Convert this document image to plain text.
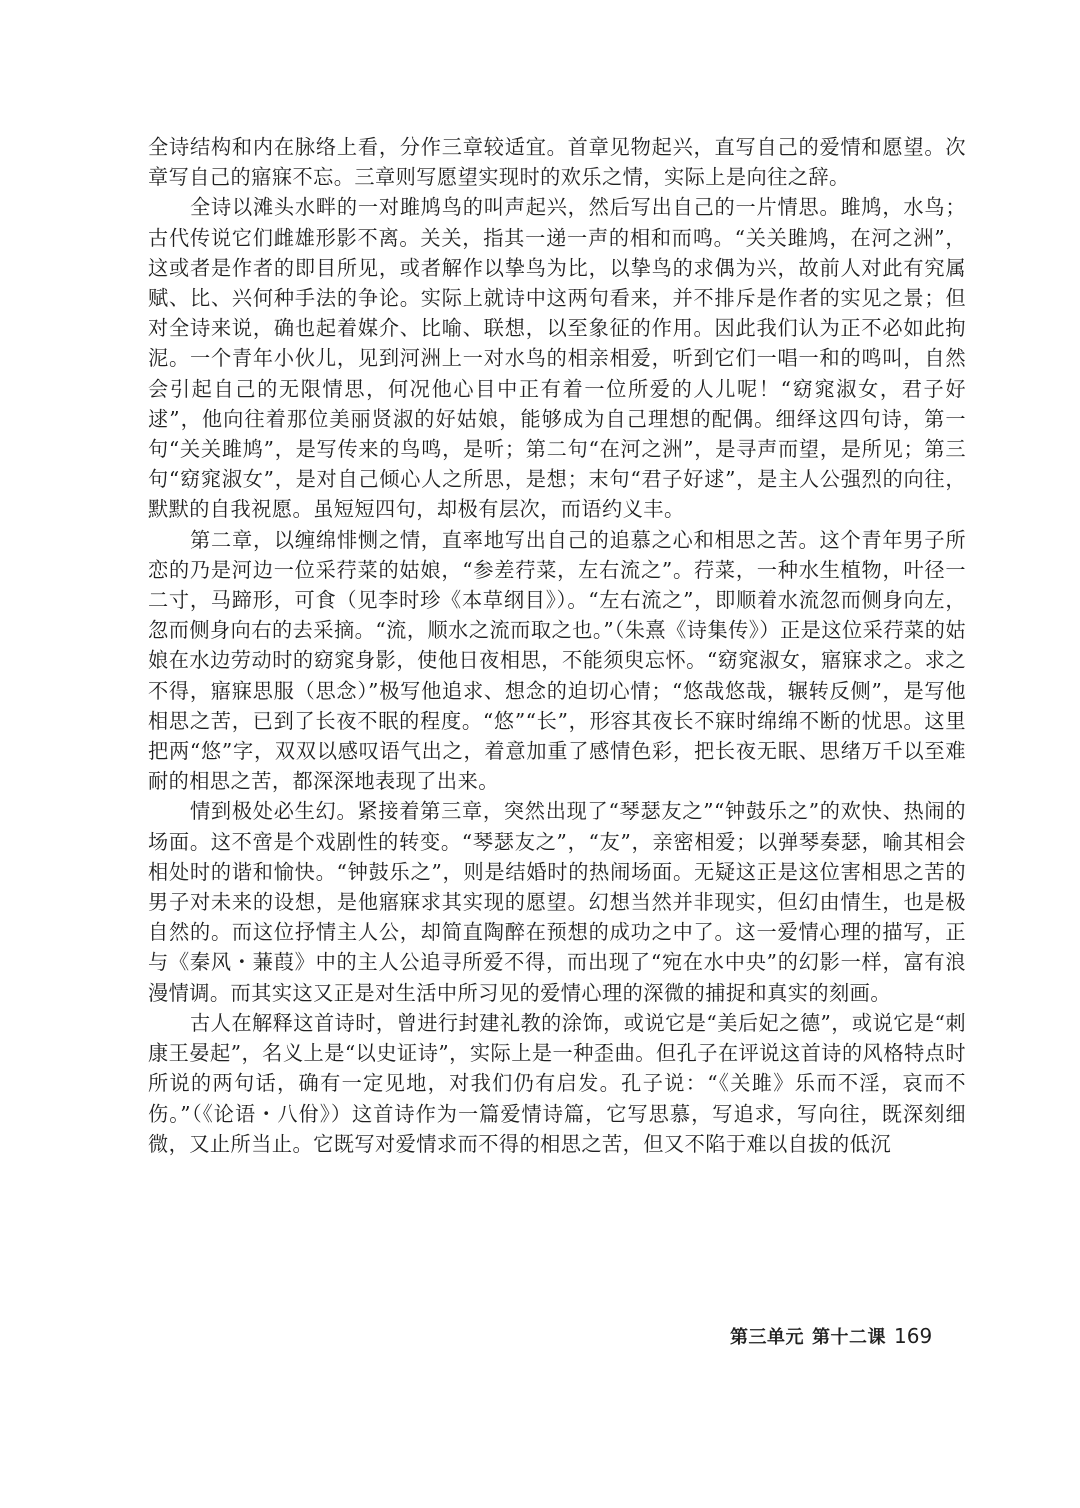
全诗结构和内在脉络上看，分作三章较适宜。首章见物起兴，直写自己的爱情和愿望。次章写自己的寤寐不忘。三章则写愿望实现时的欢乐之情，实际上是向往之辞。

全诗以滩头水畔的一对雎鸠鸟的叫声起兴，然后写出自己的一片情思。雎鸠，水鸟；古代传说它们雌雄形影不离。关关，指其一递一声的相和而鸣。“关关雎鸠，在河之洲”，这或者是作者的即目所见，或者解作以挚鸟为比，以挚鸟的求偶为兴，故前人对此有究属赋、比、兴何种手法的争论。实际上就诗中这两句看来，并不排斥是作者的实见之景；但对全诗来说，确也起着媒介、比喻、联想，以至象征的作用。因此我们认为正不必如此拘泥。一个青年小伙儿，见到河洲上一对水鸟的相亲相爱，听到它们一唱一和的鸣叫，自然会引起自己的无限情思，何况他心目中正有着一位所爱的人儿呢！“窈窕淑女，君子好逑”，他向往着那位美丽贤淑的好姑娘，能够成为自己理想的配偶。细绎这四句诗，第一句“关关雎鸠”，是写传来的鸟鸣，是听；第二句“在河之洲”，是寻声而望，是所见；第三句“窈窕淑女”，是对自己倾心人之所思，是想；末句“君子好逑”，是主人公强烈的向往，默默的自我祝愿。虽短短四句，却极有层次，而语约义丰。

第二章，以缠绵悱恻之情，直率地写出自己的追慕之心和相思之苦。这个青年男子所恋的乃是河边一位采荇菜的姑娘，“参差荇菜，左右流之”。荇菜，一种水生植物，叶径一二寸，马蹄形，可食（见李时珍《本草纲目》）。“左右流之”，即顺着水流忽而侧身向左，忽而侧身向右的去采摘。“流，顺水之流而取之也。”（朱熹《诗集传》）正是这位采荇菜的姑娘在水边劳动时的窈窕身影，使他日夜相思，不能须臾忘怀。“窈窕淑女，寤寐求之。求之不得，寤寐思服（思念）”极写他追求、想念的迫切心情；“悠哉悠哉，辗转反侧”，是写他相思之苦，已到了长夜不眠的程度。“悠”“长”，形容其夜长不寐时绵绵不断的忧思。这里把两“悠”字，双双以感叹语气出之，着意加重了感情色彩，把长夜无眠、思绪万千以至难耐的相思之苦，都深深地表现了出来。

情到极处必生幻。紧接着第三章，突然出现了“琴瑟友之”“钟鼓乐之”的欢快、热闹的场面。这不啻是个戏剧性的转变。“琴瑟友之”，“友”，亲密相爱；以弹琴奏瑟，喻其相会相处时的谐和愉快。“钟鼓乐之”，则是结婚时的热闹场面。无疑这正是这位害相思之苦的男子对未来的设想，是他寤寐求其实现的愿望。幻想当然并非现实，但幻由情生，也是极自然的。而这位抒情主人公，却简直陶醉在预想的成功之中了。这一爱情心理的描写，正与《秦风・蒹葭》中的主人公追寻所爱不得，而出现了“宛在水中央”的幻影一样，富有浪漫情调。而其实这又正是对生活中所习见的爱情心理的深微的捕捉和真实的刻画。

古人在解释这首诗时，曾进行封建礼教的涂饰，或说它是“美后妃之德”，或说它是“刺康王晏起”，名义上是“以史证诗”，实际上是一种歪曲。但孔子在评说这首诗的风格特点时所说的两句话，确有一定见地，对我们仍有启发。孔子说：“《关雎》乐而不淫，哀而不伤。”（《论语・八佾》）这首诗作为一篇爱情诗篇，它写思慕，写追求，写向往，既深刻细微，又止所当止。它既写对爱情求而不得的相思之苦，但又不陷于难以自拔的低沉

第三单元 第十二课 169
